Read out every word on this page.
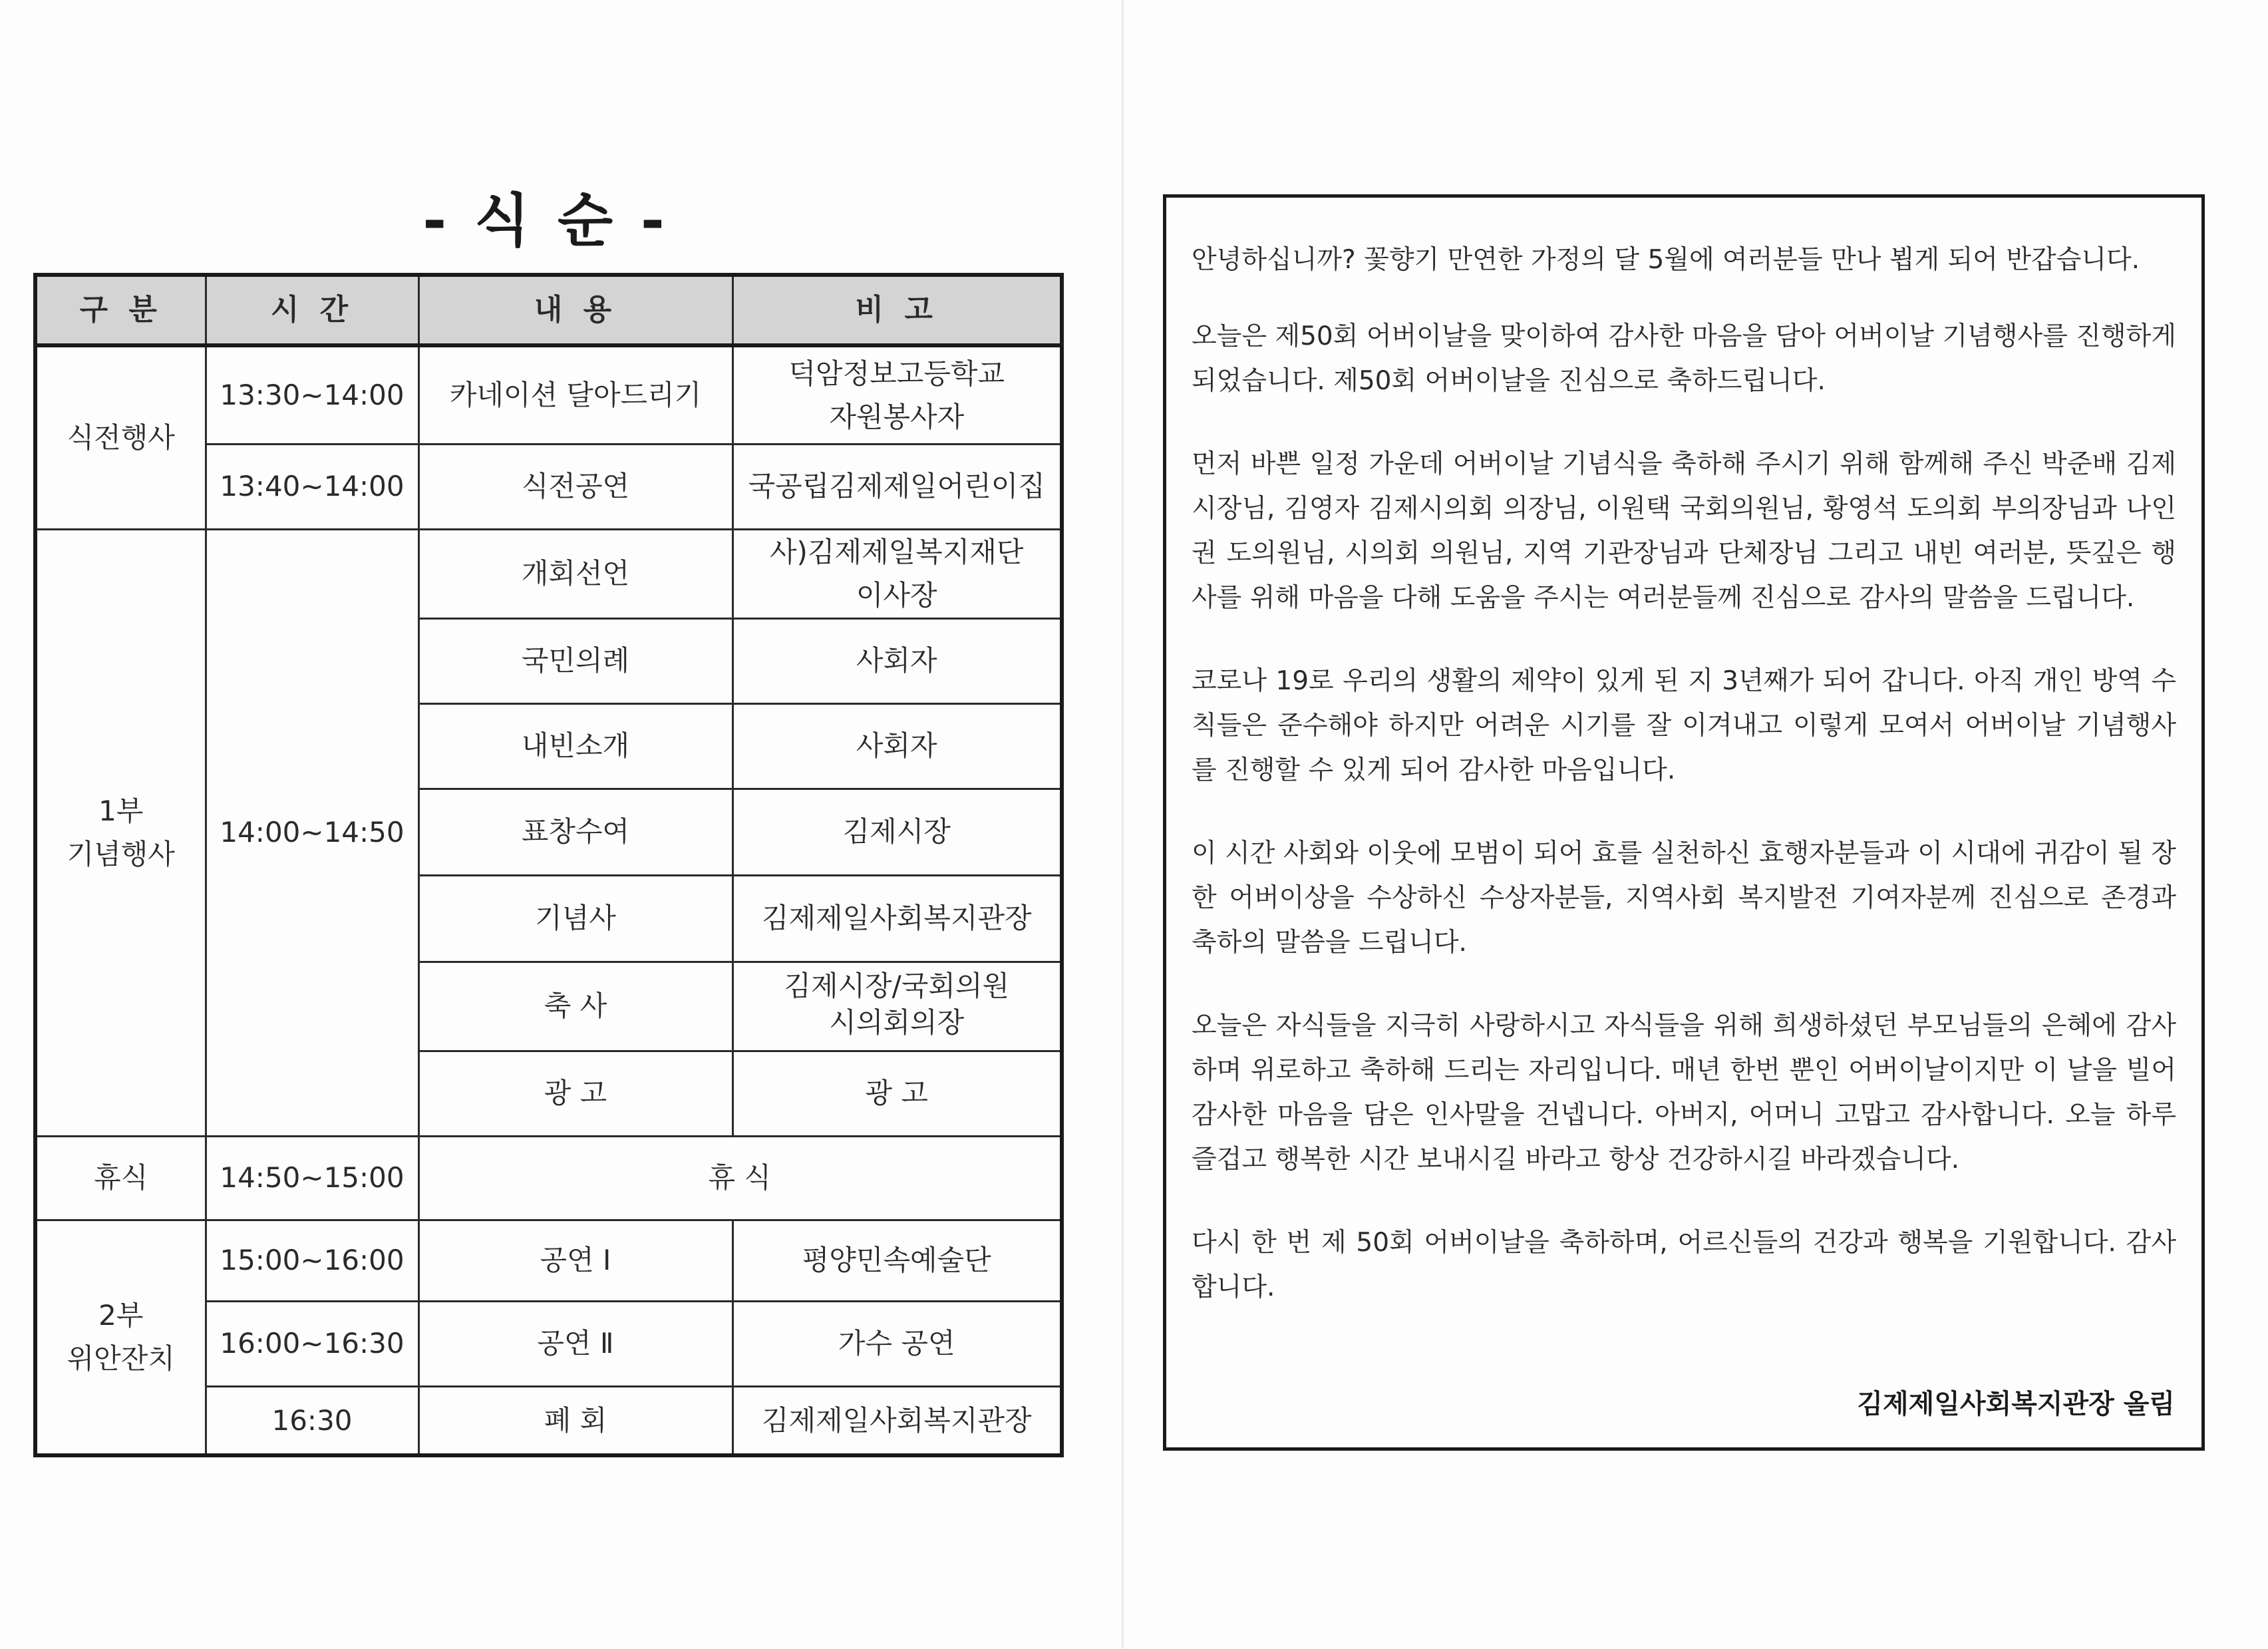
- 식 순 -
구 분	시 간	내 용	비 고
식전행사	13:30~14:00	카네이션 달아드리기	덕암정보고등학교
자원봉사자
	13:40~14:00	식전공연	국공립김제제일어린이집
1부
기념행사	14:00~14:50	개회선언	사)김제제일복지재단
이사장
		국민의례	사회자
		내빈소개	사회자
		표창수여	김제시장
		기념사	김제제일사회복지관장
		축 사	김제시장/국회의원
시의회의장
		광 고	광 고
휴식	14:50~15:00	휴 식	
2부
위안잔치	15:00~16:00	공연 Ⅰ	평양민속예술단
	16:00~16:30	공연 Ⅱ	가수 공연
	16:30	폐 회	김제제일사회복지관장

안녕하십니까? 꽃향기 만연한 가정의 달 5월에 여러분들 만나 뵙게 되어 반갑습니다.

오늘은 제50회 어버이날을 맞이하여 감사한 마음을 담아 어버이날 기념행사를 진행하게 되었습니다. 제50회 어버이날을 진심으로 축하드립니다.

먼저 바쁜 일정 가운데 어버이날 기념식을 축하해 주시기 위해 함께해 주신 박준배 김제시장님, 김영자 김제시의회 의장님, 이원택 국회의원님, 황영석 도의회 부의장님과 나인권 도의원님, 시의회 의원님, 지역 기관장님과 단체장님 그리고 내빈 여러분, 뜻깊은 행사를 위해 마음을 다해 도움을 주시는 여러분들께 진심으로 감사의 말씀을 드립니다.

코로나 19로 우리의 생활의 제약이 있게 된 지 3년째가 되어 갑니다. 아직 개인 방역 수칙들은 준수해야 하지만 어려운 시기를 잘 이겨내고 이렇게 모여서 어버이날 기념행사를 진행할 수 있게 되어 감사한 마음입니다.

이 시간 사회와 이웃에 모범이 되어 효를 실천하신 효행자분들과 이 시대에 귀감이 될 장한 어버이상을 수상하신 수상자분들, 지역사회 복지발전 기여자분께 진심으로 존경과 축하의 말씀을 드립니다.

오늘은 자식들을 지극히 사랑하시고 자식들을 위해 희생하셨던 부모님들의 은혜에 감사하며 위로하고 축하해 드리는 자리입니다. 매년 한번 뿐인 어버이날이지만 이 날을 빌어 감사한 마음을 담은 인사말을 건넵니다. 아버지, 어머니 고맙고 감사합니다. 오늘 하루 즐겁고 행복한 시간 보내시길 바라고 항상 건강하시길 바라겠습니다.

다시 한 번 제 50회 어버이날을 축하하며, 어르신들의 건강과 행복을 기원합니다. 감사합니다.

김제제일사회복지관장 올림
